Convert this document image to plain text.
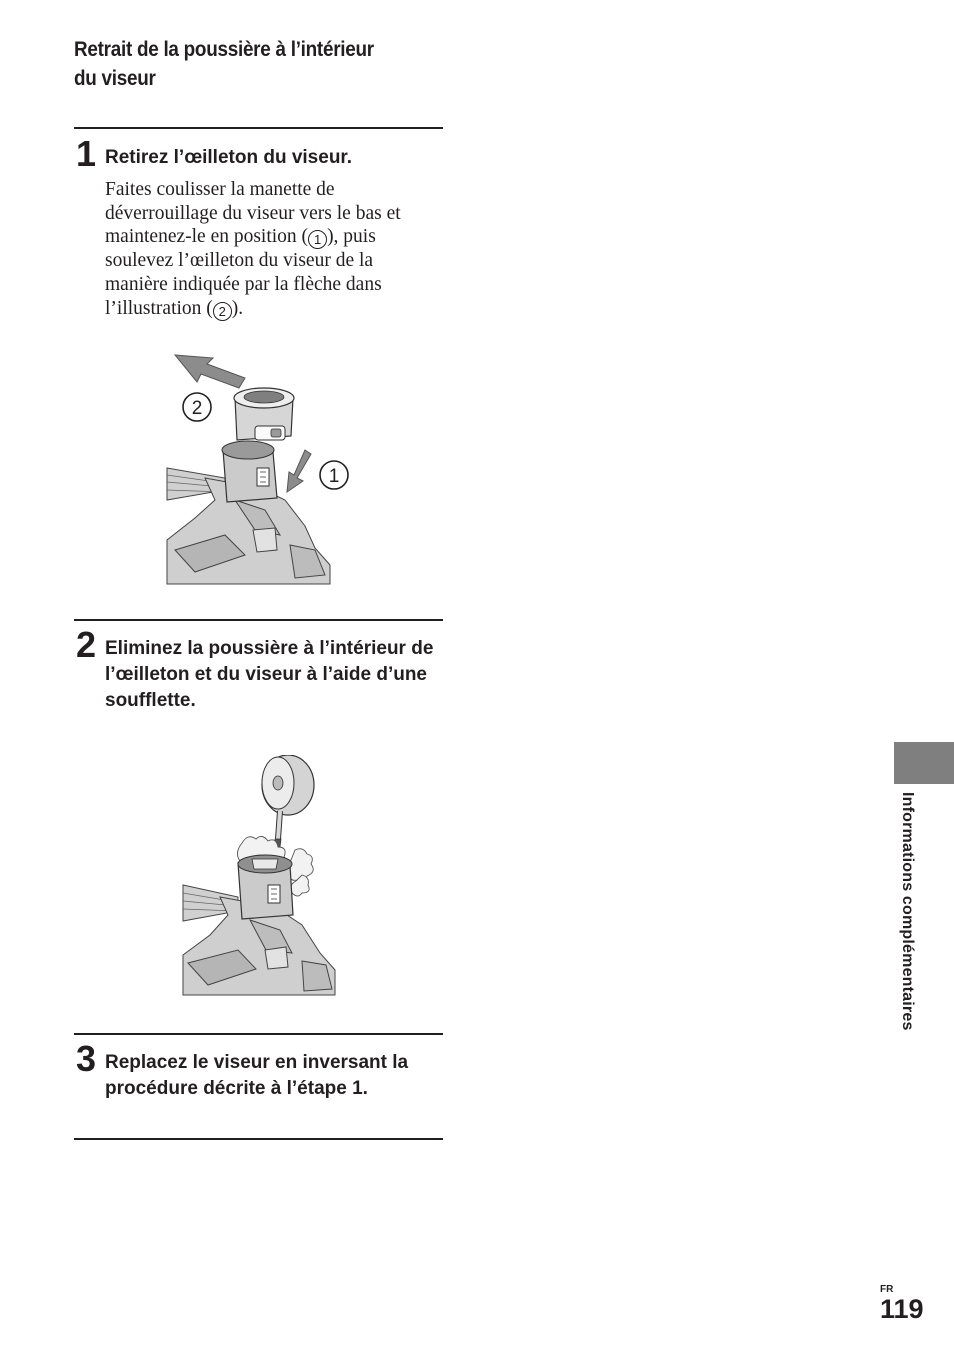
Retrait de la poussière à l’intérieur
du viseur
1 Retirez l’œilleton du viseur.
Faites coulisser la manette de déverrouillage du viseur vers le bas et maintenez-le en position ( 1 ), puis soulevez l’œilleton du viseur de la manière indiquée par la flèche dans l’illustration ( 2 ).
2
1
2 Eliminez la poussière à l’intérieur de l’œilleton et du viseur à l’aide d’une soufflette.
3 Replacez le viseur en inversant la procédure décrite à l’étape 1.
Informations complémentaires
FR
119
